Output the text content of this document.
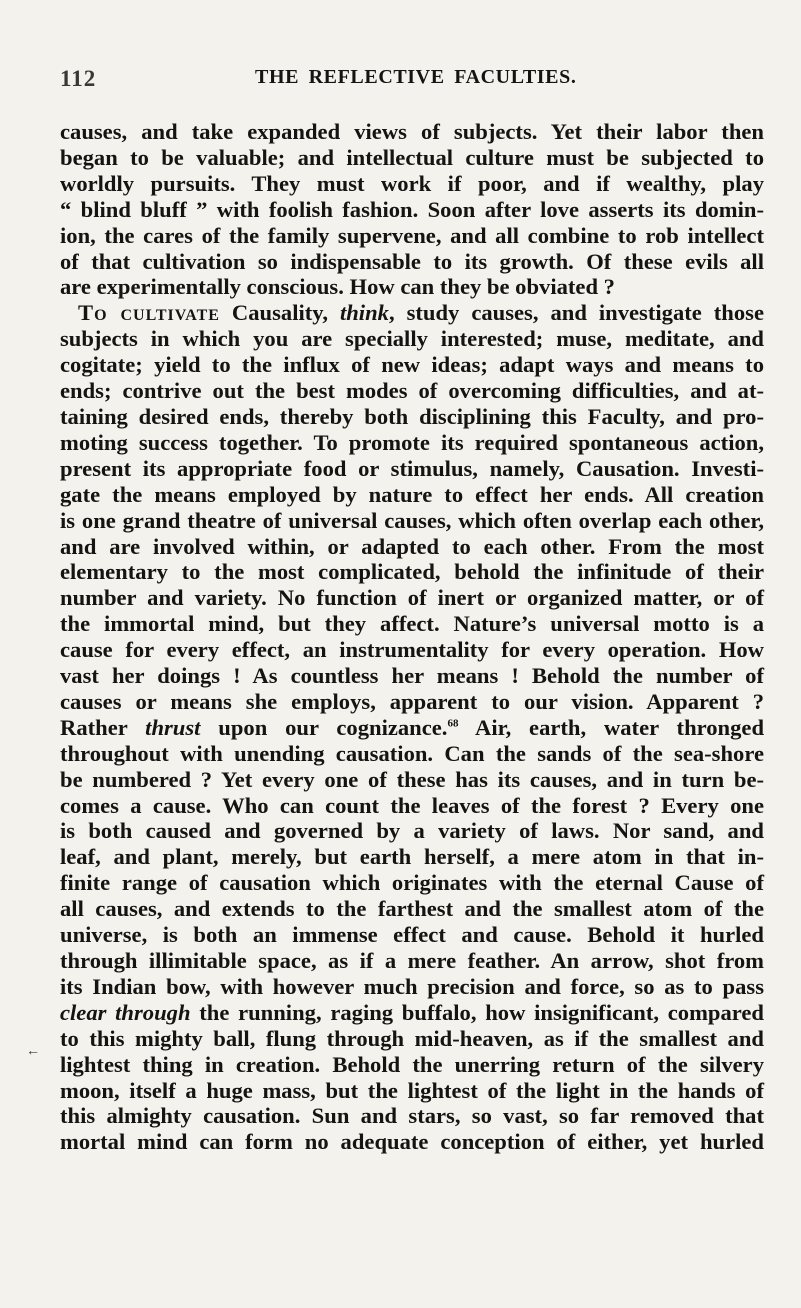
112	THE REFLECTIVE FACULTIES.
←
causes, and take expanded views of subjects. Yet their labor then
began to be valuable; and intellectual culture must be subjected to
worldly pursuits. They must work if poor, and if wealthy, play
“ blind bluff ” with foolish fashion. Soon after love asserts its domin-
ion, the cares of the family supervene, and all combine to rob intellect
of that cultivation so indispensable to its growth. Of these evils all
are experimentally conscious. How can they be obviated ?
To cultivate Causality, think, study causes, and investigate those
subjects in which you are specially interested; muse, meditate, and
cogitate; yield to the influx of new ideas; adapt ways and means to
ends; contrive out the best modes of overcoming difficulties, and at-
taining desired ends, thereby both disciplining this Faculty, and pro-
moting success together. To promote its required spontaneous action,
present its appropriate food or stimulus, namely, Causation. Investi-
gate the means employed by nature to effect her ends. All creation
is one grand theatre of universal causes, which often overlap each other,
and are involved within, or adapted to each other. From the most
elementary to the most complicated, behold the infinitude of their
number and variety. No function of inert or organized matter, or of
the immortal mind, but they affect. Nature’s universal motto is a
cause for every effect, an instrumentality for every operation. How
vast her doings ! As countless her means ! Behold the number of
causes or means she employs, apparent to our vision. Apparent ?
Rather thrust upon our cognizance.$^{68}$ Air, earth, water thronged
throughout with unending causation. Can the sands of the sea-shore
be numbered ? Yet every one of these has its causes, and in turn be-
comes a cause. Who can count the leaves of the forest ? Every one
is both caused and governed by a variety of laws. Nor sand, and
leaf, and plant, merely, but earth herself, a mere atom in that in-
finite range of causation which originates with the eternal Cause of
all causes, and extends to the farthest and the smallest atom of the
universe, is both an immense effect and cause. Behold it hurled
through illimitable space, as if a mere feather. An arrow, shot from
its Indian bow, with however much precision and force, so as to pass
clear through the running, raging buffalo, how insignificant, compared
to this mighty ball, flung through mid-heaven, as if the smallest and
lightest thing in creation. Behold the unerring return of the silvery
moon, itself a huge mass, but the lightest of the light in the hands of
this almighty causation. Sun and stars, so vast, so far removed that
mortal mind can form no adequate conception of either, yet hurled
